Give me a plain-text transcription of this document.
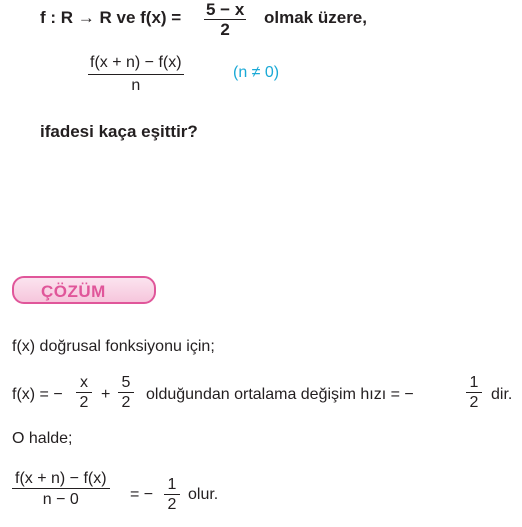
f : R → R ve f(x) = 5 − x
2
olmak üzere,
f(x + n) − f(x)
n
(n ≠ 0)
ifadesi kaça eşittir?
ÇÖZÜM
f(x) doğrusal fonksiyonu için;
f(x) = −
x
2 +
5
2 olduğundan ortalama değişim hızı = −
1
2 dir.
O halde;
f(x + n) − f(x)
n − 0	= −
1
2
olur.
